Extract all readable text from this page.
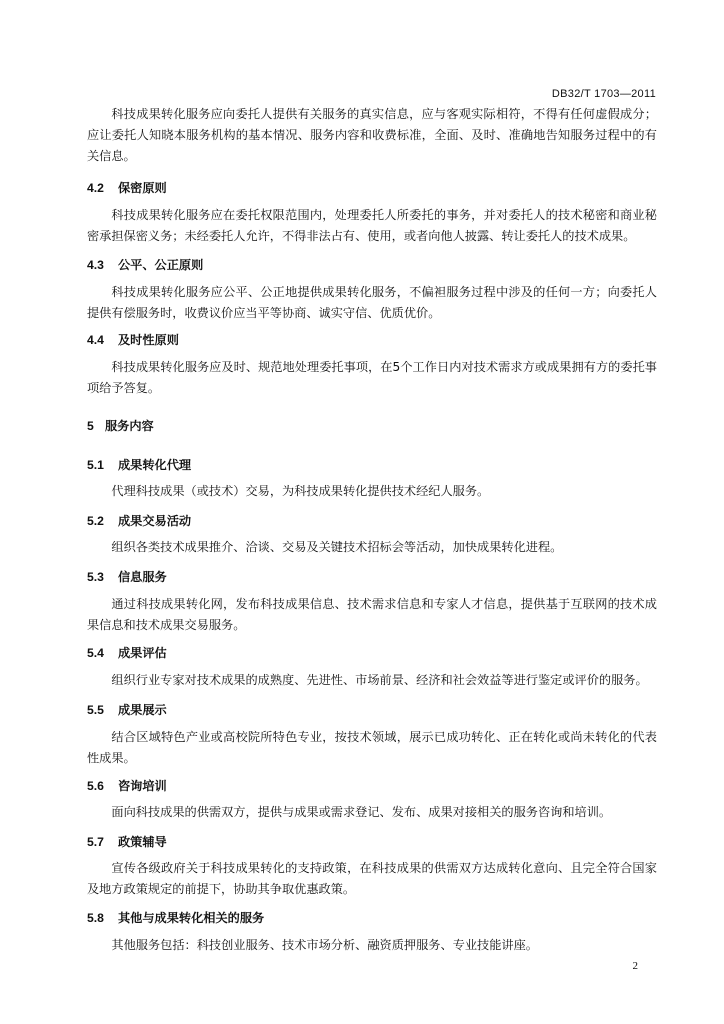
DB32/T 1703—2011

科技成果转化服务应向委托人提供有关服务的真实信息，应与客观实际相符，不得有任何虚假成分；应让委托人知晓本服务机构的基本情况、服务内容和收费标准，全面、及时、准确地告知服务过程中的有关信息。

4.2 保密原则

科技成果转化服务应在委托权限范围内，处理委托人所委托的事务，并对委托人的技术秘密和商业秘密承担保密义务；未经委托人允许，不得非法占有、使用，或者向他人披露、转让委托人的技术成果。

4.3 公平、公正原则

科技成果转化服务应公平、公正地提供成果转化服务，不偏袒服务过程中涉及的任何一方；向委托人提供有偿服务时，收费议价应当平等协商、诚实守信、优质优价。

4.4 及时性原则

科技成果转化服务应及时、规范地处理委托事项，在5个工作日内对技术需求方或成果拥有方的委托事项给予答复。

5 服务内容
5.1 成果转化代理

代理科技成果（或技术）交易，为科技成果转化提供技术经纪人服务。

5.2 成果交易活动

组织各类技术成果推介、洽谈、交易及关键技术招标会等活动，加快成果转化进程。

5.3 信息服务

通过科技成果转化网，发布科技成果信息、技术需求信息和专家人才信息，提供基于互联网的技术成果信息和技术成果交易服务。

5.4 成果评估

组织行业专家对技术成果的成熟度、先进性、市场前景、经济和社会效益等进行鉴定或评价的服务。

5.5 成果展示

结合区域特色产业或高校院所特色专业，按技术领域，展示已成功转化、正在转化或尚未转化的代表性成果。

5.6 咨询培训

面向科技成果的供需双方，提供与成果或需求登记、发布、成果对接相关的服务咨询和培训。

5.7 政策辅导

宣传各级政府关于科技成果转化的支持政策，在科技成果的供需双方达成转化意向、且完全符合国家及地方政策规定的前提下，协助其争取优惠政策。

5.8 其他与成果转化相关的服务

其他服务包括：科技创业服务、技术市场分析、融资质押服务、专业技能讲座。

2
